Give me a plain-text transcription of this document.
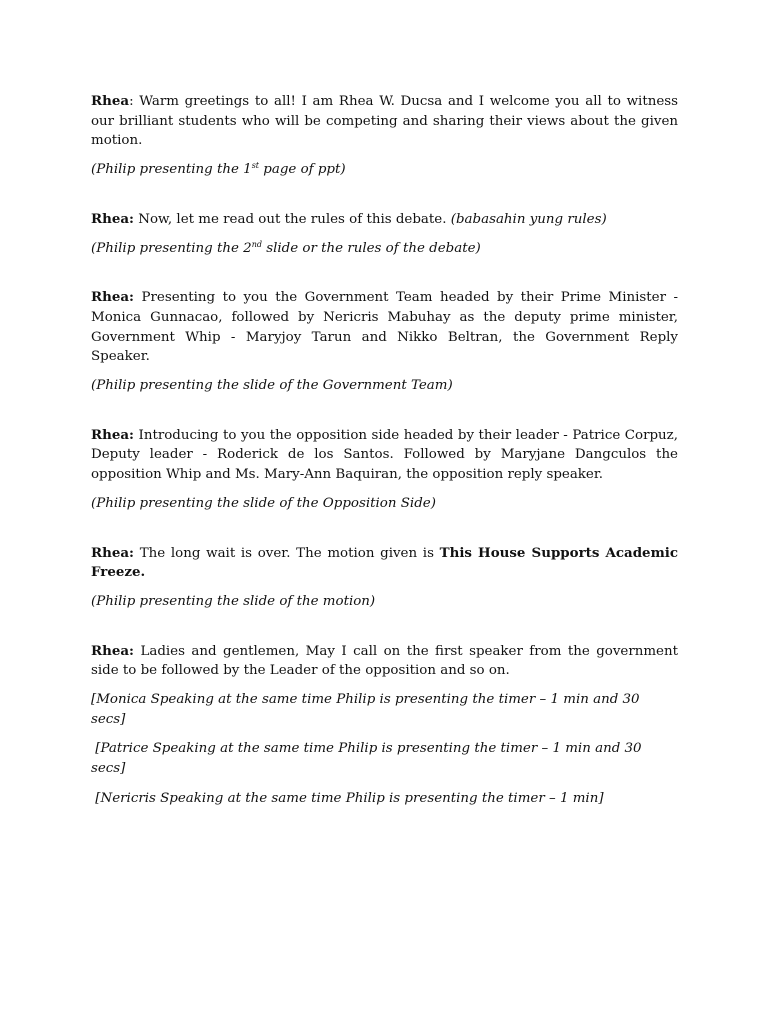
Rhea: Warm greetings to all! I am Rhea W. Ducsa and I welcome you all to witness our brilliant students who will be competing and sharing their views about the given motion.

(Philip presenting the 1st page of ppt)

Rhea: Now, let me read out the rules of this debate. (babasahin yung rules)

(Philip presenting the 2nd slide or the rules of the debate)

Rhea: Presenting to you the Government Team headed by their Prime Minister - Monica Gunnacao, followed by Nericris Mabuhay as the deputy prime minister, Government Whip - Maryjoy Tarun and Nikko Beltran, the Government Reply Speaker.

(Philip presenting the slide of the Government Team)

Rhea: Introducing to you the opposition side headed by their leader - Patrice Corpuz, Deputy leader - Roderick de los Santos. Followed by Maryjane Dangculos the opposition Whip and Ms. Mary-Ann Baquiran, the opposition reply speaker.

(Philip presenting the slide of the Opposition Side)

Rhea: The long wait is over. The motion given is This House Supports Academic Freeze.

(Philip presenting the slide of the motion)

Rhea: Ladies and gentlemen, May I call on the first speaker from the government side to be followed by the Leader of the opposition and so on.

[Monica Speaking at the same time Philip is presenting the timer – 1 min and 30 secs]

[Patrice Speaking at the same time Philip is presenting the timer – 1 min and 30 secs]

[Nericris Speaking at the same time Philip is presenting the timer – 1 min]
